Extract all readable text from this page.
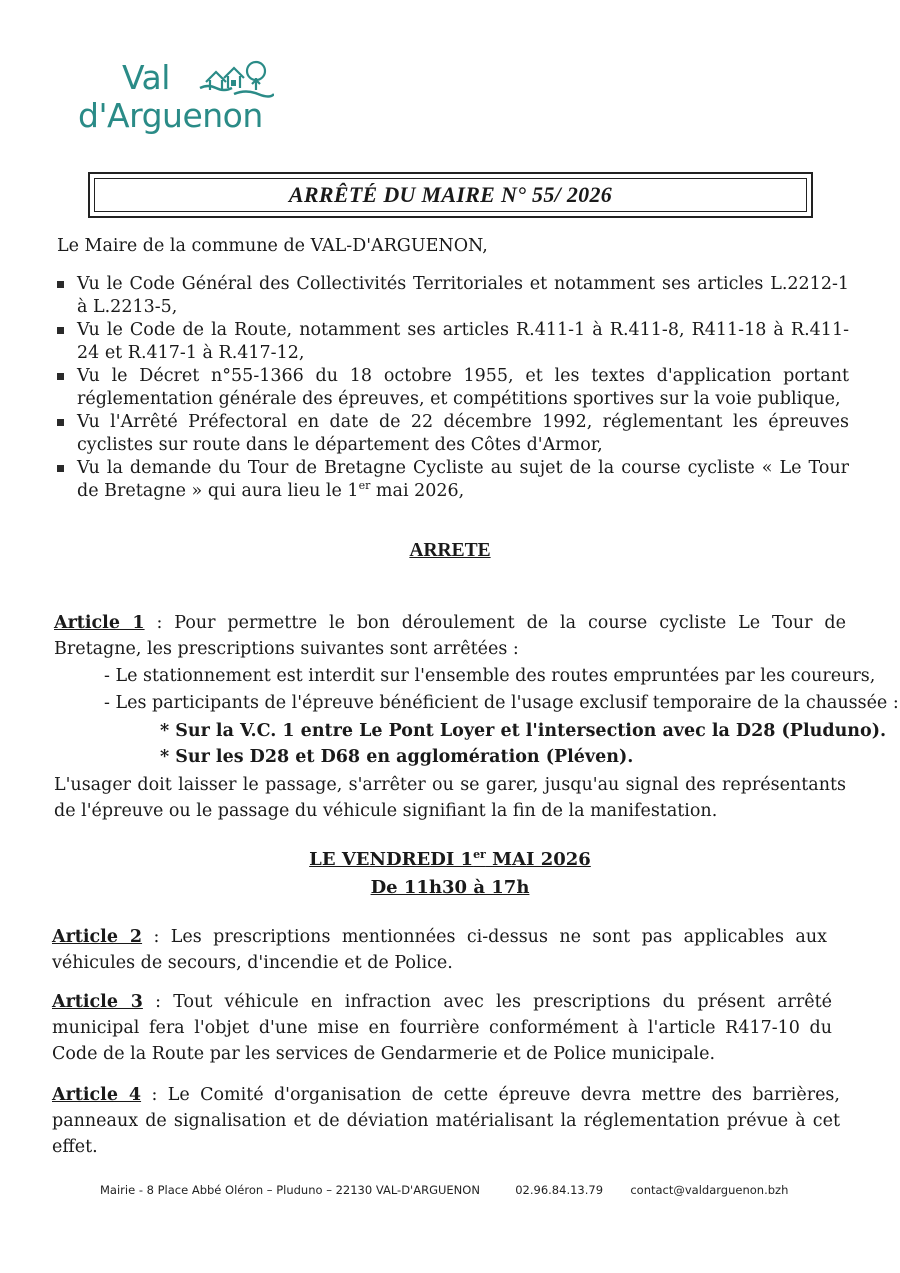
Val
d'Arguenon
ARRÊTÉ DU MAIRE N° 55/ 2026
Le Maire de la commune de VAL-D'ARGUENON,
Vu le Code Général des Collectivités Territoriales et notamment ses articles L.2212-1 à L.2213-5,
Vu le Code de la Route, notamment ses articles R.411-1 à R.411-8, R411-18 à R.411-24 et R.417-1 à R.417-12,
Vu le Décret n°55-1366 du 18 octobre 1955, et les textes d'application portant réglementation générale des épreuves, et compétitions sportives sur la voie publique,
Vu l'Arrêté Préfectoral en date de 22 décembre 1992, réglementant les épreuves cyclistes sur route dans le département des Côtes d'Armor,
Vu la demande du Tour de Bretagne Cycliste au sujet de la course cycliste « Le Tour de Bretagne » qui aura lieu le 1er mai 2026,
ARRETE
Article 1 : Pour permettre le bon déroulement de la course cycliste Le Tour de Bretagne, les prescriptions suivantes sont arrêtées :
- Le stationnement est interdit sur l'ensemble des routes empruntées par les coureurs,
- Les participants de l'épreuve bénéficient de l'usage exclusif temporaire de la chaussée :
* Sur la V.C. 1 entre Le Pont Loyer et l'intersection avec la D28 (Pluduno).
* Sur les D28 et D68 en agglomération (Pléven).
L'usager doit laisser le passage, s'arrêter ou se garer, jusqu'au signal des représentants de l'épreuve ou le passage du véhicule signifiant la fin de la manifestation.
LE VENDREDI 1er MAI 2026
De 11h30 à 17h
Article 2 : Les prescriptions mentionnées ci-dessus ne sont pas applicables aux véhicules de secours, d'incendie et de Police.
Article 3 : Tout véhicule en infraction avec les prescriptions du présent arrêté municipal fera l'objet d'une mise en fourrière conformément à l'article R417-10 du Code de la Route par les services de Gendarmerie et de Police municipale.
Article 4 : Le Comité d'organisation de cette épreuve devra mettre des barrières, panneaux de signalisation et de déviation matérialisant la réglementation prévue à cet effet.
Mairie - 8 Place Abbé Oléron – Pluduno – 22130 VAL-D'ARGUENON	02.96.84.13.79 contact@valdarguenon.bzh
